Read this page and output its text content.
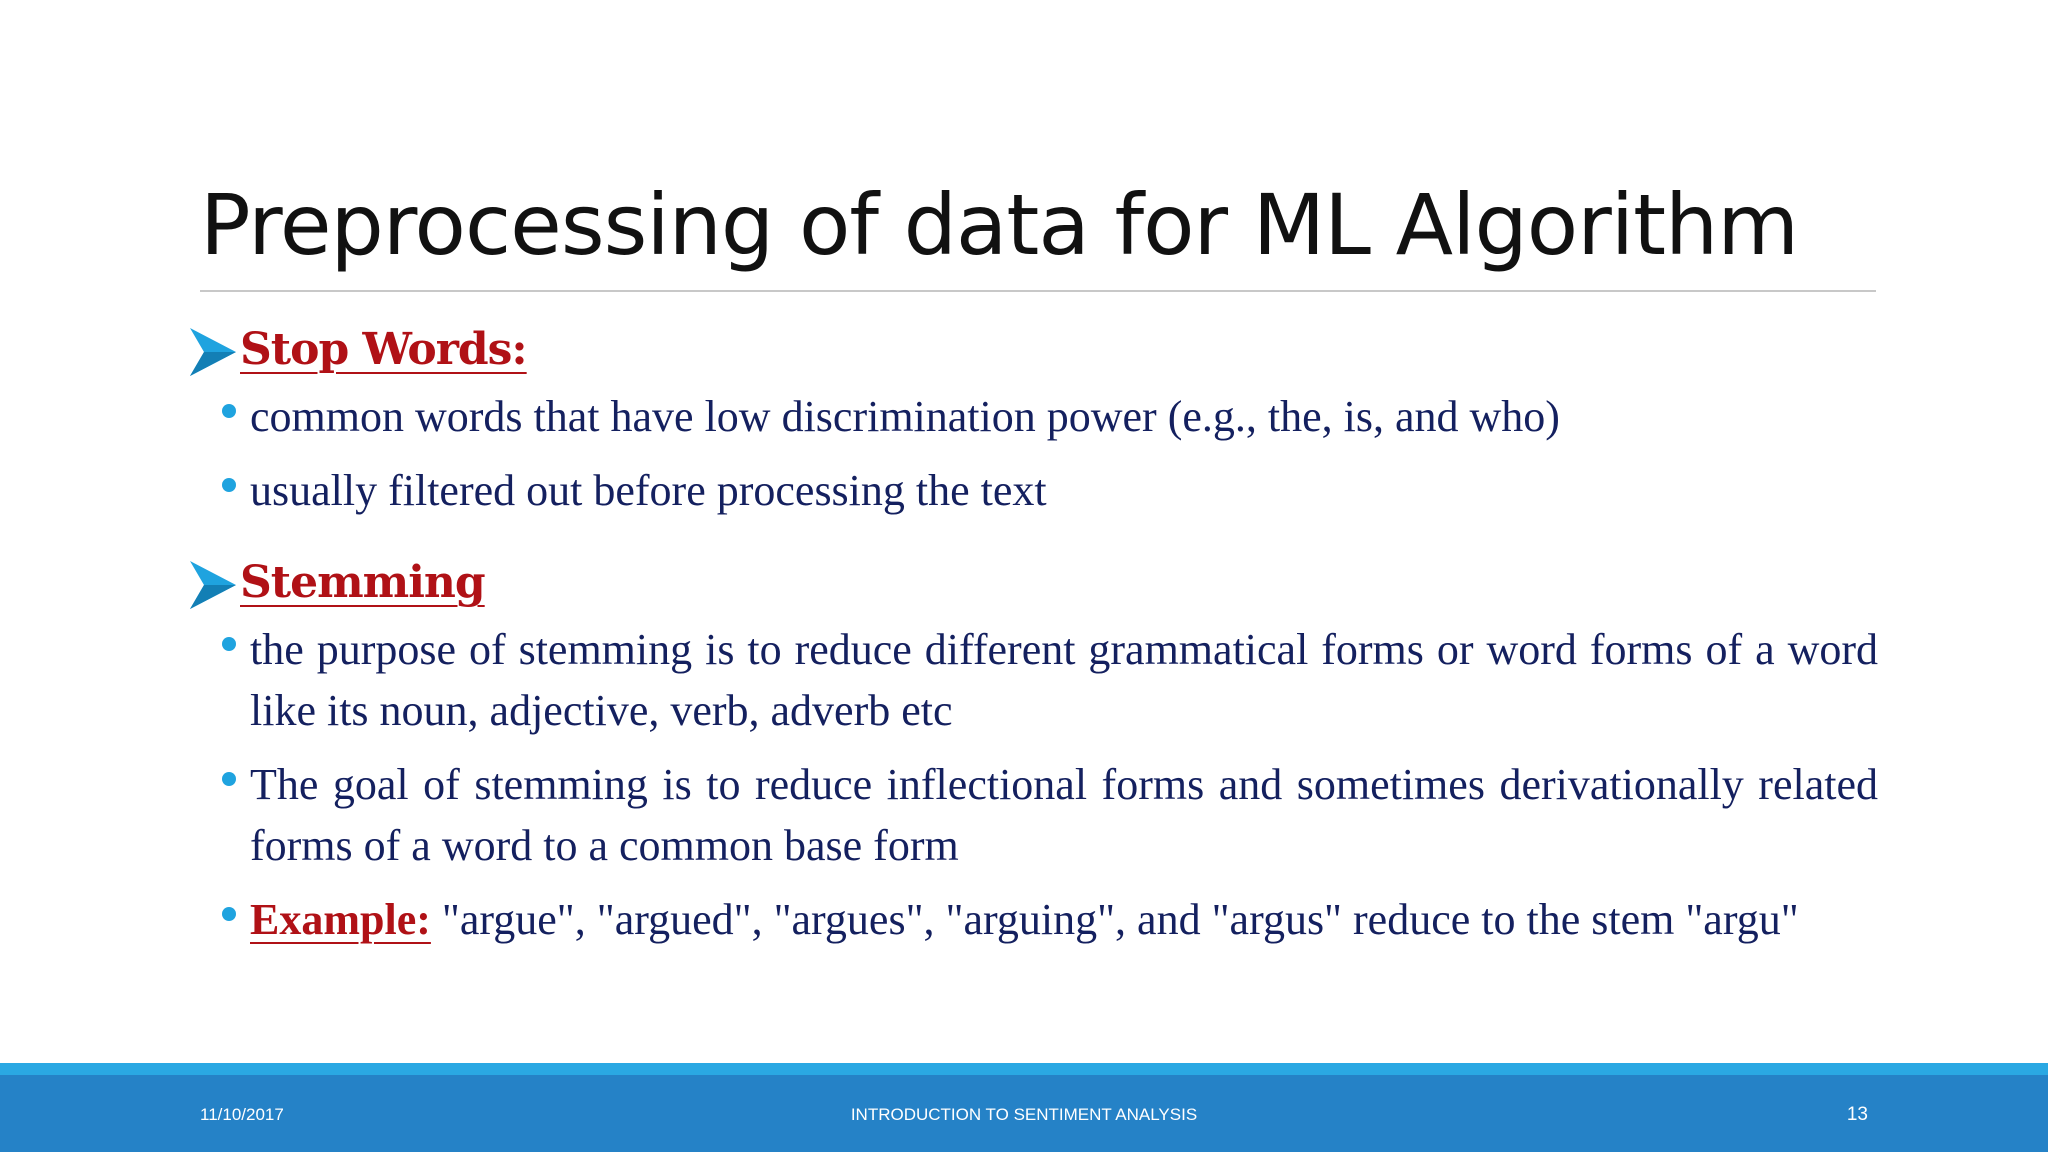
Preprocessing of data for ML Algorithm
Stop Words:
common words that have low discrimination power (e.g., the, is, and who)
usually filtered out before processing the text
Stemming
the purpose of stemming is to reduce different grammatical forms or word forms of a word like its noun, adjective, verb, adverb etc
The goal of stemming is to reduce inflectional forms and sometimes derivationally related forms of a word to a common base form
Example: "argue", "argued", "argues", "arguing", and "argus" reduce to the stem "argu"
11/10/2017	INTRODUCTION TO SENTIMENT ANALYSIS	13
